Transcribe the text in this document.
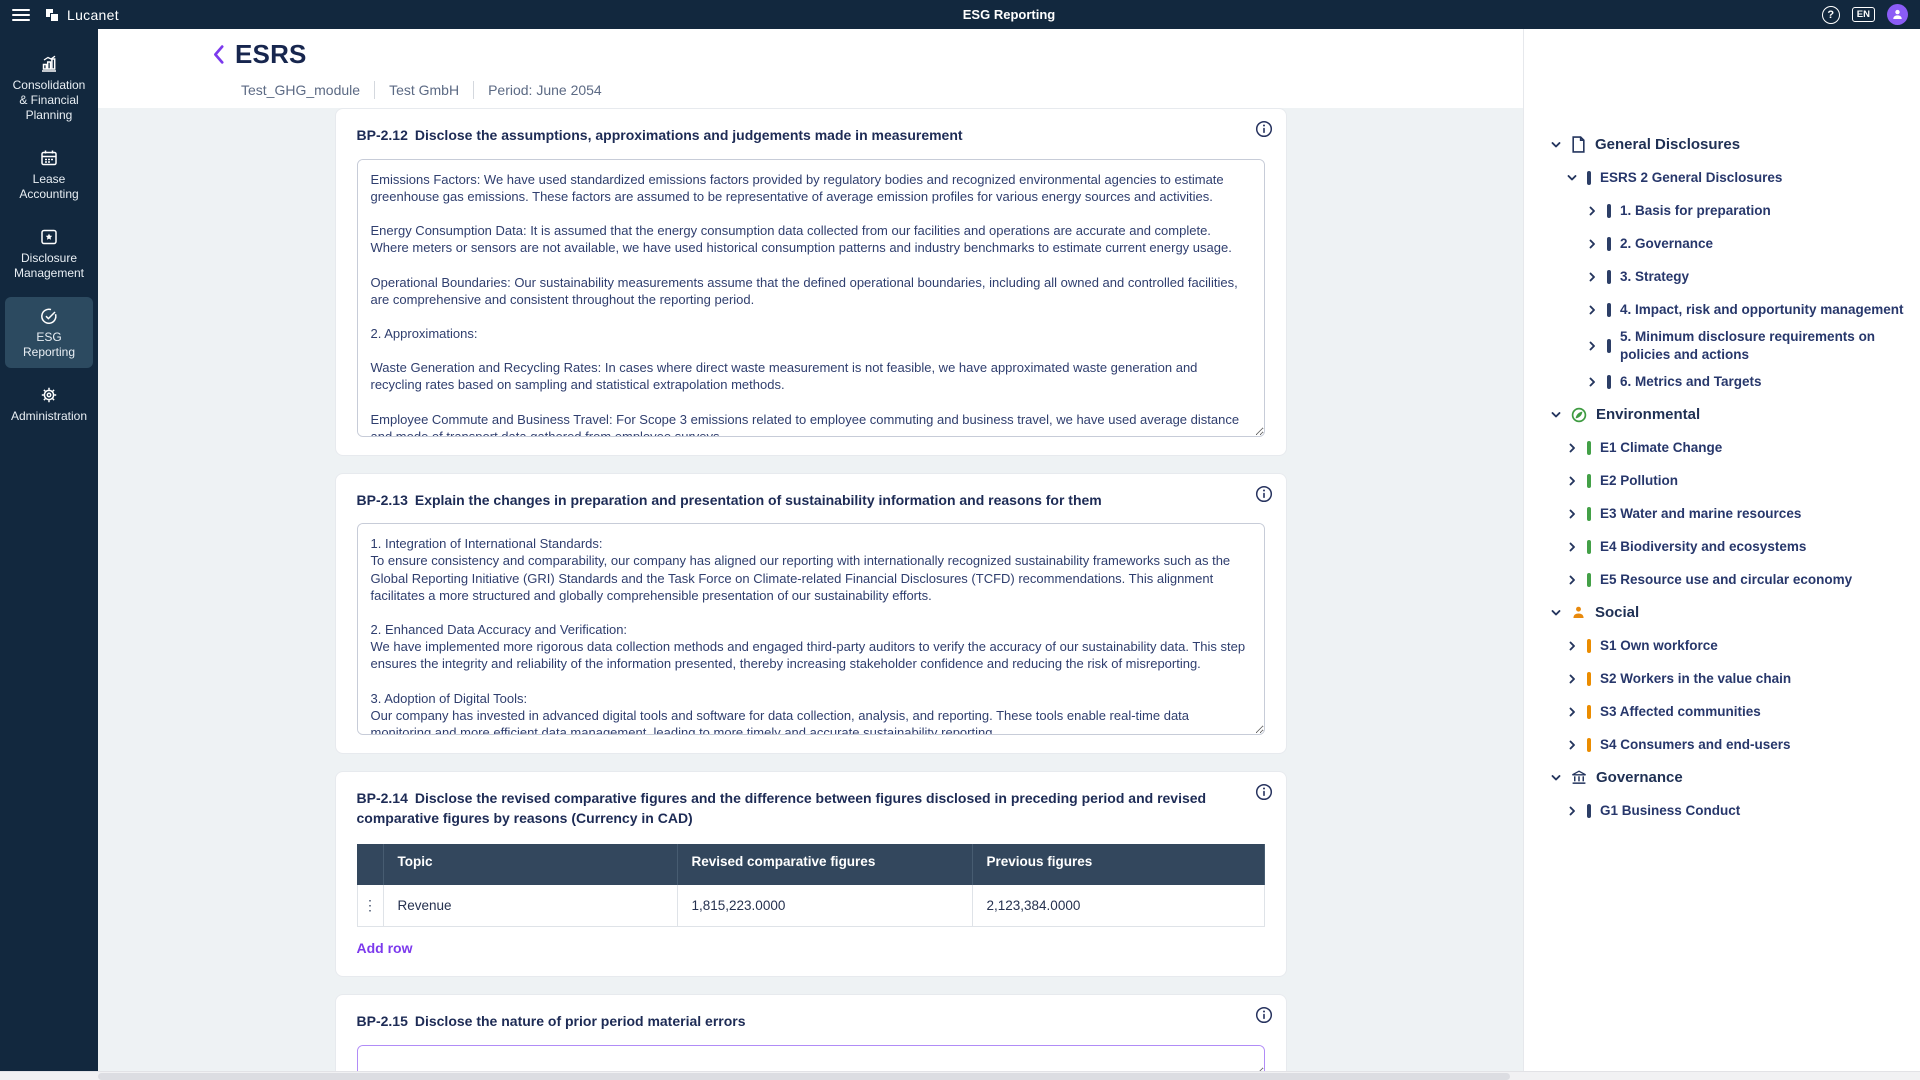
Lucanet	ESG Reporting	?	EN
Consolidation & Financial Planning
Lease Accounting
Disclosure Management
ESG Reporting
Administration
ESRS
Test_GHG_module Test GmbH Period: June 2054
BP-2.12 Disclose the assumptions, approximations and judgements made in measurement
Emissions Factors: We have used standardized emissions factors provided by regulatory bodies and recognized environmental agencies to estimate greenhouse gas emissions. These factors are assumed to be representative of average emission profiles for various energy sources and activities. Energy Consumption Data: It is assumed that the energy consumption data collected from our facilities and operations are accurate and complete. Where meters or sensors are not available, we have used historical consumption patterns and industry benchmarks to estimate current energy usage. Operational Boundaries: Our sustainability measurements assume that the defined operational boundaries, including all owned and controlled facilities, are comprehensive and consistent throughout the reporting period. 2. Approximations: Waste Generation and Recycling Rates: In cases where direct waste measurement is not feasible, we have approximated waste generation and recycling rates based on sampling and statistical extrapolation methods. Employee Commute and Business Travel: For Scope 3 emissions related to employee commuting and business travel, we have used average distance and mode of transport data gathered from employee surveys
BP-2.13 Explain the changes in preparation and presentation of sustainability information and reasons for them
1. Integration of International Standards: To ensure consistency and comparability, our company has aligned our reporting with internationally recognized sustainability frameworks such as the Global Reporting Initiative (GRI) Standards and the Task Force on Climate-related Financial Disclosures (TCFD) recommendations. This alignment facilitates a more structured and globally comprehensible presentation of our sustainability efforts. 2. Enhanced Data Accuracy and Verification: We have implemented more rigorous data collection methods and engaged third-party auditors to verify the accuracy of our sustainability data. This step ensures the integrity and reliability of the information presented, thereby increasing stakeholder confidence and reducing the risk of misreporting. 3. Adoption of Digital Tools: Our company has invested in advanced digital tools and software for data collection, analysis, and reporting. These tools enable real-time data monitoring and more efficient data management, leading to more timely and accurate sustainability reporting.
BP-2.14 Disclose the revised comparative figures and the difference between figures disclosed in preceding period and revised comparative figures by reasons (Currency in CAD)
	Topic	Revised comparative figures	Previous figures
⋮	Revenue	1,815,223.0000	2,123,384.0000
Add row
BP-2.15 Disclose the nature of prior period material errors
General Disclosures
ESRS 2 General Disclosures
1. Basis for preparation
2. Governance
3. Strategy
4. Impact, risk and opportunity management
5. Minimum disclosure requirements on policies and actions
6. Metrics and Targets
Environmental
E1 Climate Change
E2 Pollution
E3 Water and marine resources
E4 Biodiversity and ecosystems
E5 Resource use and circular economy
Social
S1 Own workforce
S2 Workers in the value chain
S3 Affected communities
S4 Consumers and end-users
Governance
G1 Business Conduct
